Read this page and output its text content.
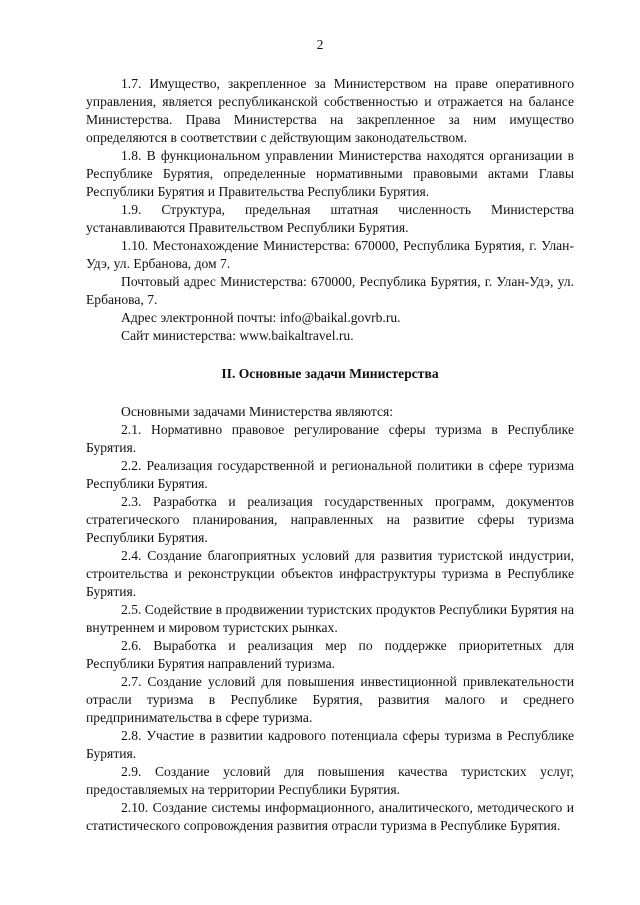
2

1.7. Имущество, закрепленное за Министерством на праве оперативного управления, является республиканской собственностью и отражается на балансе Министерства. Права Министерства на закрепленное за ним имущество определяются в соответствии с действующим законодательством.

1.8. В функциональном управлении Министерства находятся организации в Республике Бурятия, определенные нормативными правовыми актами Главы Республики Бурятия и Правительства Республики Бурятия.

1.9. Структура, предельная штатная численность Министерства устанавливаются Правительством Республики Бурятия.

1.10. Местонахождение Министерства: 670000, Республика Бурятия, г. Улан-Удэ, ул. Ербанова, дом 7.

Почтовый адрес Министерства: 670000, Республика Бурятия, г. Улан-Удэ, ул. Ербанова, 7.

Адрес электронной почты: info@baikal.govrb.ru.

Сайт министерства: www.baikaltravel.ru.

II. Основные задачи Министерства

Основными задачами Министерства являются:

2.1. Нормативно правовое регулирование сферы туризма в Республике Бурятия.

2.2. Реализация государственной и региональной политики в сфере туризма Республики Бурятия.

2.3. Разработка и реализация государственных программ, документов стратегического планирования, направленных на развитие сферы туризма Республики Бурятия.

2.4. Создание благоприятных условий для развития туристской индустрии, строительства и реконструкции объектов инфраструктуры туризма в Республике Бурятия.

2.5. Содействие в продвижении туристских продуктов Республики Бурятия на внутреннем и мировом туристских рынках.

2.6. Выработка и реализация мер по поддержке приоритетных для Республики Бурятия направлений туризма.

2.7. Создание условий для повышения инвестиционной привлекательности отрасли туризма в Республике Бурятия, развития малого и среднего предпринимательства в сфере туризма.

2.8. Участие в развитии кадрового потенциала сферы туризма в Республике Бурятия.

2.9. Создание условий для повышения качества туристских услуг, предоставляемых на территории Республики Бурятия.

2.10. Создание системы информационного, аналитического, методического и статистического сопровождения развития отрасли туризма в Республике Бурятия.
